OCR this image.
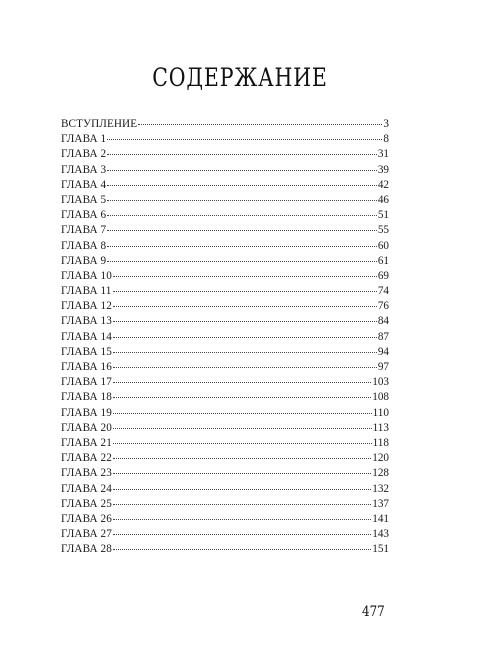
СОДЕРЖАНИЕ
ВСТУПЛЕНИЕ	3
ГЛАВА 1	8
ГЛАВА 2	31
ГЛАВА 3	39
ГЛАВА 4	42
ГЛАВА 5	46
ГЛАВА 6	51
ГЛАВА 7	55
ГЛАВА 8	60
ГЛАВА 9	61
ГЛАВА 10	69
ГЛАВА 11	74
ГЛАВА 12	76
ГЛАВА 13	84
ГЛАВА 14	87
ГЛАВА 15	94
ГЛАВА 16	97
ГЛАВА 17	103
ГЛАВА 18	108
ГЛАВА 19	110
ГЛАВА 20	113
ГЛАВА 21	118
ГЛАВА 22	120
ГЛАВА 23	128
ГЛАВА 24	132
ГЛАВА 25	137
ГЛАВА 26	141
ГЛАВА 27	143
ГЛАВА 28	151
477
